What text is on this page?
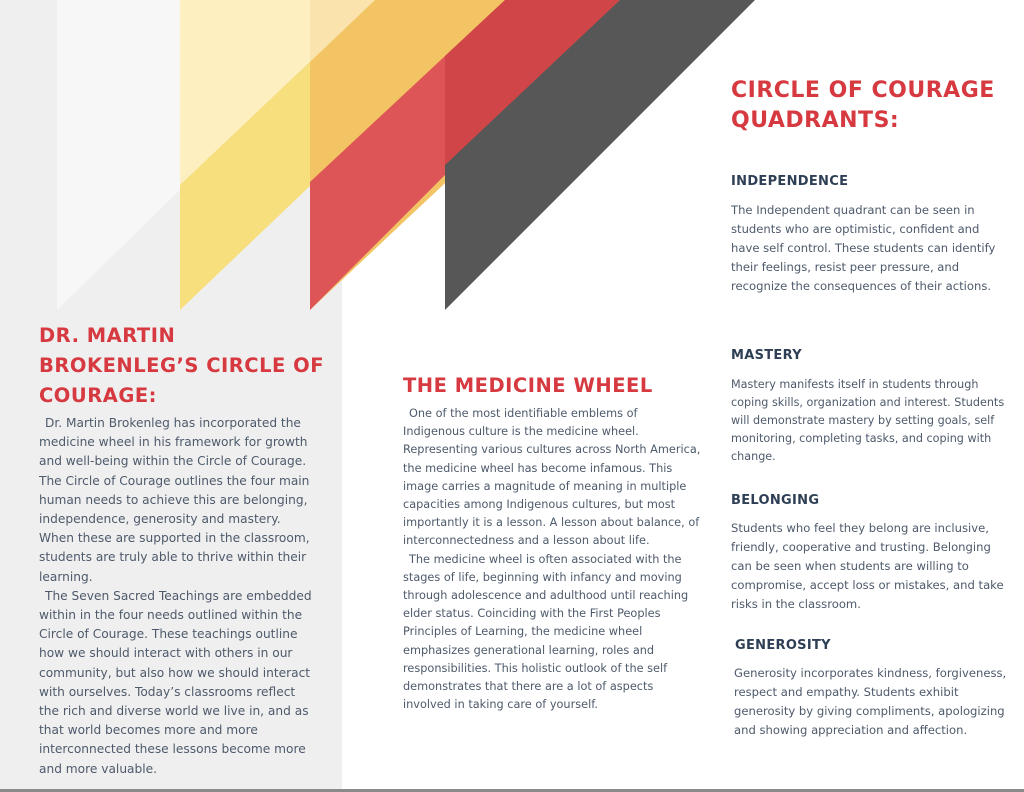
DR. MARTIN BROKENLEG’S CIRCLE OF COURAGE:

Dr. Martin Brokenleg has incorporated the medicine wheel in his framework for growth and well-being within the Circle of Courage. The Circle of Courage outlines the four main human needs to achieve this are belonging, independence, generosity and mastery. When these are supported in the classroom, students are truly able to thrive within their learning.

The Seven Sacred Teachings are embedded within in the four needs outlined within the Circle of Courage. These teachings outline how we should interact with others in our community, but also how we should interact with ourselves. Today’s classrooms reflect the rich and diverse world we live in, and as that world becomes more and more interconnected these lessons become more and more valuable.

THE MEDICINE WHEEL

One of the most identifiable emblems of Indigenous culture is the medicine wheel. Representing various cultures across North America, the medicine wheel has become infamous. This image carries a magnitude of meaning in multiple capacities among Indigenous cultures, but most importantly it is a lesson. A lesson about balance, of interconnectedness and a lesson about life.

The medicine wheel is often associated with the stages of life, beginning with infancy and moving through adolescence and adulthood until reaching elder status. Coinciding with the First Peoples Principles of Learning, the medicine wheel emphasizes generational learning, roles and responsibilities. This holistic outlook of the self demonstrates that there are a lot of aspects involved in taking care of yourself.

CIRCLE OF COURAGE QUADRANTS:
INDEPENDENCE

The Independent quadrant can be seen in students who are optimistic, confident and have self control. These students can identify their feelings, resist peer pressure, and recognize the consequences of their actions.

MASTERY

Mastery manifests itself in students through coping skills, organization and interest. Students will demonstrate mastery by setting goals, self monitoring, completing tasks, and coping with change.

BELONGING

Students who feel they belong are inclusive, friendly, cooperative and trusting. Belonging can be seen when students are willing to compromise, accept loss or mistakes, and take risks in the classroom.

GENEROSITY

Generosity incorporates kindness, forgiveness, respect and empathy. Students exhibit generosity by giving compliments, apologizing and showing appreciation and affection.
